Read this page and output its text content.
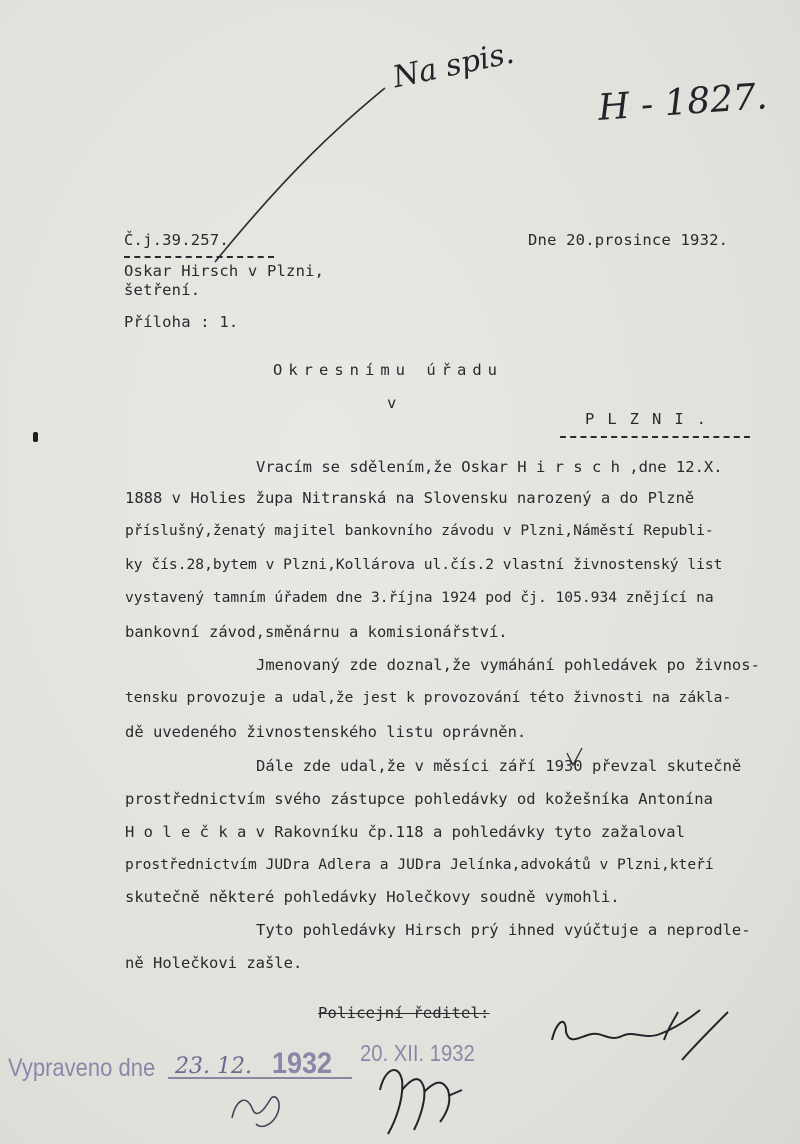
Na spis.
H - 1827.
Č.j.39.257.	Dne 20.prosince 1932.
Oskar Hirsch v Plzni,
šetření.
Příloha : 1.
Okresnímu úřadu
v
PLZNI.
Vracím se sdělením,že Oskar H i r s c h ,dne 12.X.
1888 v Holies župa Nitranská na Slovensku narozený a do Plzně
příslušný,ženatý majitel bankovního závodu v Plzni,Náměstí Republi-
ky čís.28,bytem v Plzni,Kollárova ul.čís.2 vlastní živnostenský list
vystavený tamním úřadem dne 3.října 1924 pod čj. 105.934 znějící na
bankovní závod,směnárnu a komisionářství.
Jmenovaný zde doznal,že vymáhání pohledávek po živnos-
tensku provozuje a udal,že jest k provozování této živnosti na zákla-
dě uvedeného živnostenského listu oprávněn.
Dále zde udal,že v měsíci září 1930 převzal skutečně
prostřednictvím svého zástupce pohledávky od kožešníka Antonína
H o l e č k a v Rakovníku čp.118 a pohledávky tyto zažaloval
prostřednictvím JUDra Adlera a JUDra Jelínka,advokátů v Plzni,kteří
skutečně některé pohledávky Holečkovy soudně vymohli.
Tyto pohledávky Hirsch prý ihned vyúčtuje a neprodle-
ně Holečkovi zašle.
Policejní ředitel:
Vypraveno dne 23. 12. 1932 20. XII. 1932
